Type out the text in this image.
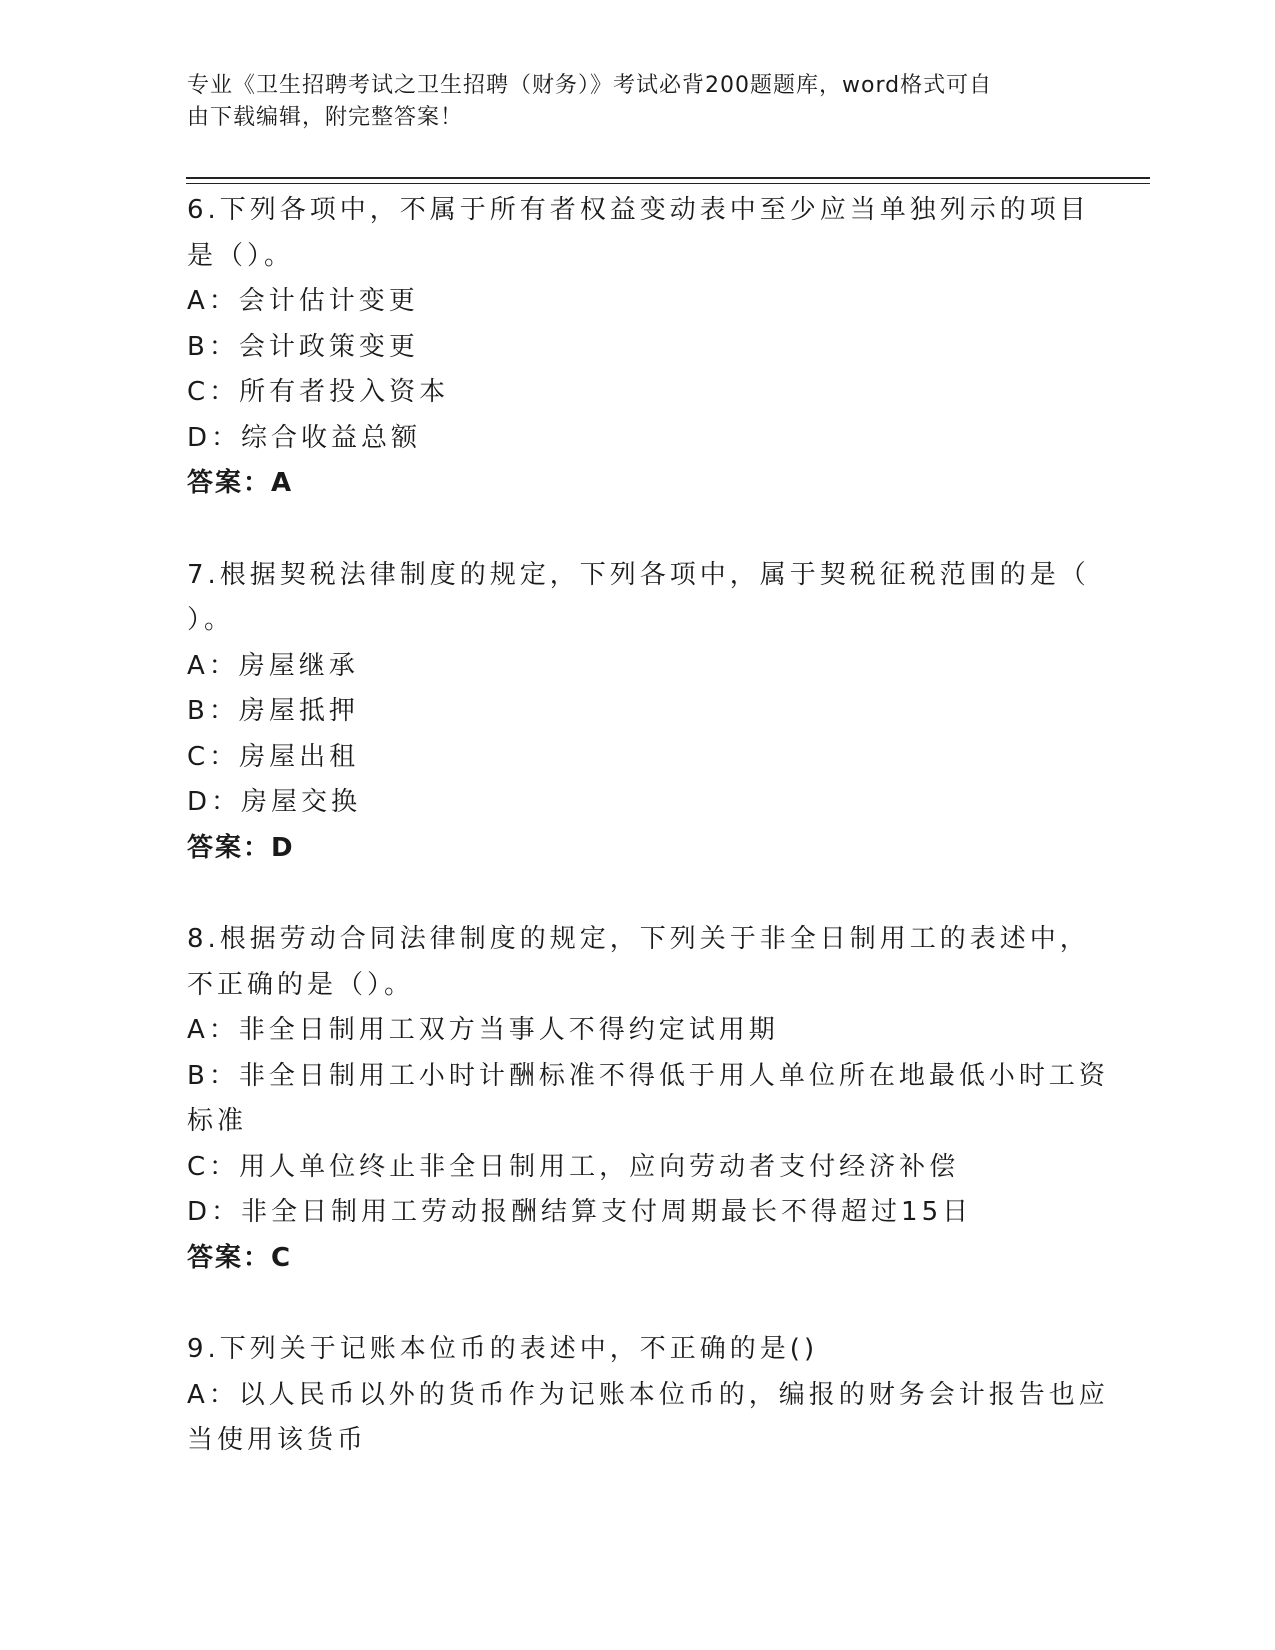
专业《卫生招聘考试之卫生招聘（财务）》考试必背200题题库，word格式可自
由下载编辑，附完整答案！
6.下列各项中，不属于所有者权益变动表中至少应当单独列示的项目
是（）。
A：会计估计变更
B：会计政策变更
C：所有者投入资本
D：综合收益总额
答案：A
7.根据契税法律制度的规定，下列各项中，属于契税征税范围的是（
）。
A：房屋继承
B：房屋抵押
C：房屋出租
D：房屋交换
答案：D
8.根据劳动合同法律制度的规定，下列关于非全日制用工的表述中，
不正确的是（）。
A：非全日制用工双方当事人不得约定试用期
B：非全日制用工小时计酬标准不得低于用人单位所在地最低小时工资
标准
C：用人单位终止非全日制用工，应向劳动者支付经济补偿
D：非全日制用工劳动报酬结算支付周期最长不得超过15日
答案：C
9.下列关于记账本位币的表述中，不正确的是()
A：以人民币以外的货币作为记账本位币的，编报的财务会计报告也应
当使用该货币
